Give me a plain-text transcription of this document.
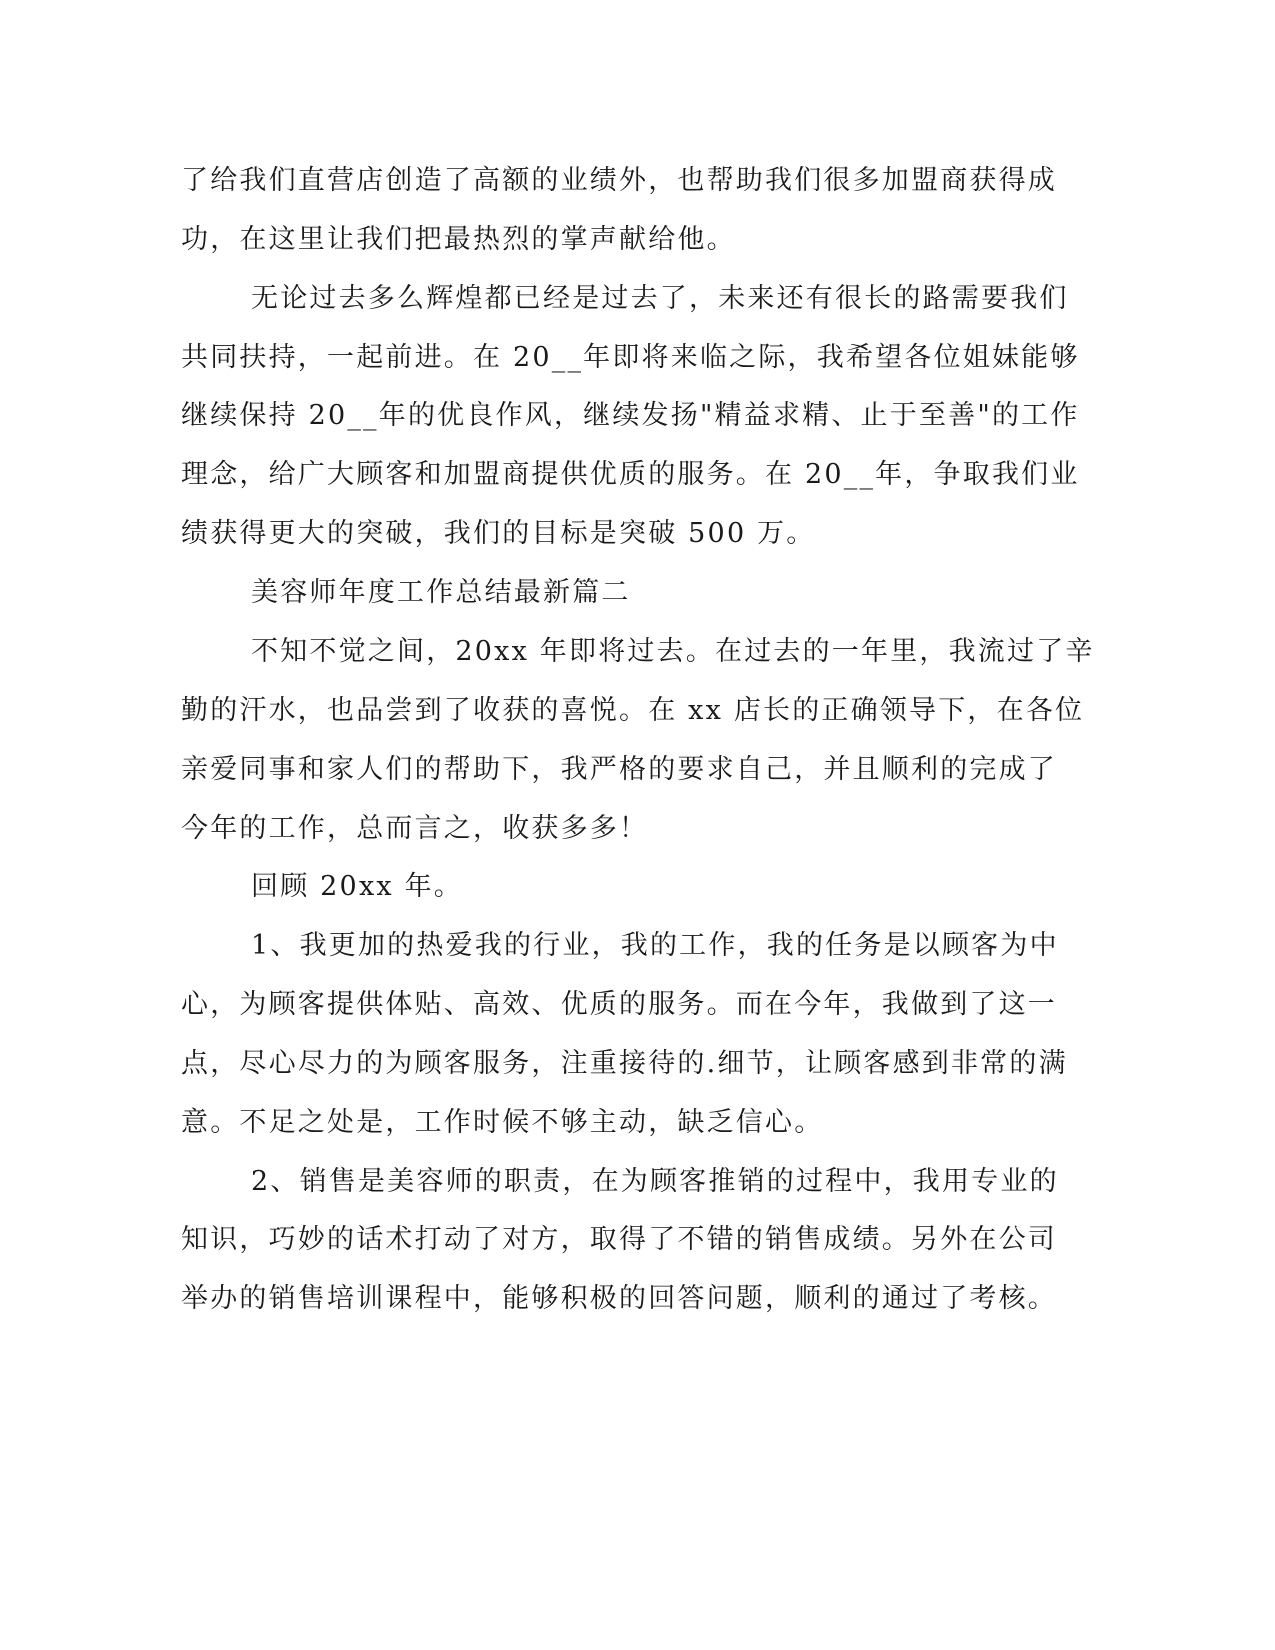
了给我们直营店创造了高额的业绩外，也帮助我们很多加盟商获得成
功，在这里让我们把最热烈的掌声献给他。
无论过去多么辉煌都已经是过去了，未来还有很长的路需要我们
共同扶持，一起前进。在 20__年即将来临之际，我希望各位姐妹能够
继续保持 20__年的优良作风，继续发扬"精益求精、止于至善"的工作
理念，给广大顾客和加盟商提供优质的服务。在 20__年，争取我们业
绩获得更大的突破，我们的目标是突破 500 万。
美容师年度工作总结最新篇二
不知不觉之间，20xx 年即将过去。在过去的一年里，我流过了辛
勤的汗水，也品尝到了收获的喜悦。在 xx 店长的正确领导下，在各位
亲爱同事和家人们的帮助下，我严格的要求自己，并且顺利的完成了
今年的工作，总而言之，收获多多！
回顾 20xx 年。
1、我更加的热爱我的行业，我的工作，我的任务是以顾客为中
心，为顾客提供体贴、高效、优质的服务。而在今年，我做到了这一
点，尽心尽力的为顾客服务，注重接待的.细节，让顾客感到非常的满
意。不足之处是，工作时候不够主动，缺乏信心。
2、销售是美容师的职责，在为顾客推销的过程中，我用专业的
知识，巧妙的话术打动了对方，取得了不错的销售成绩。另外在公司
举办的销售培训课程中，能够积极的回答问题，顺利的通过了考核。
